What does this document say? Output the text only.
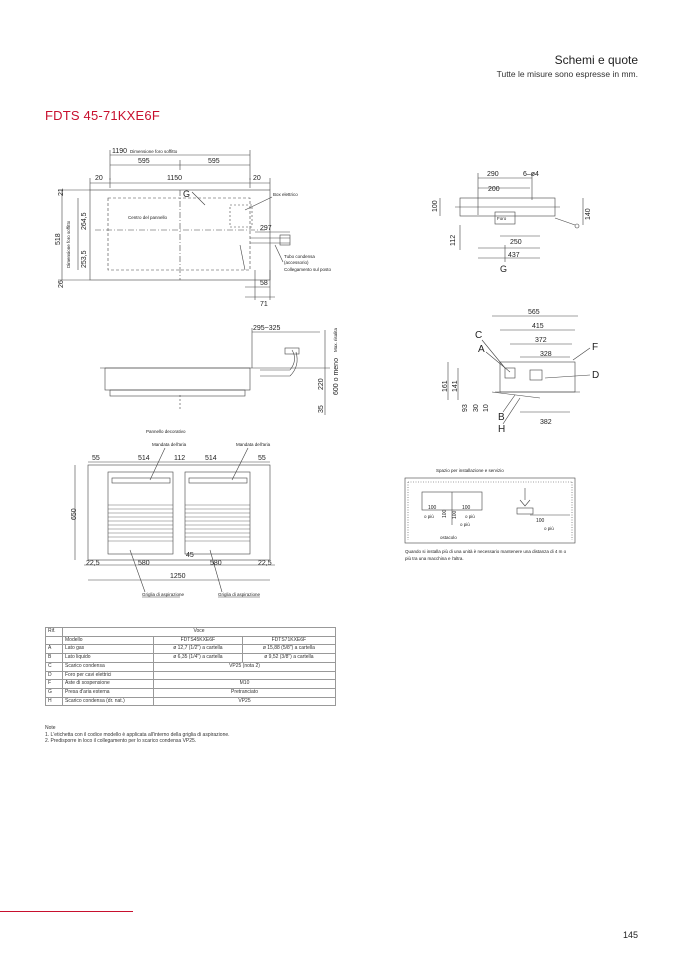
Schemi e quote
Tutte le misure sono espresse in mm.
FDTS 45-71KXE6F
1190 Dimensione foro soffitto
595	595
20	1150	20
G	Box elettrico
Centro del pannello
21
518 Dimensione foro soffitto 264,5
253,5
26
297
Tubo condensa
(accessorio)
Collegamento sul posto
58
71
290	6–ø4
200
Foro
100
140
112	250
437
G
295~325	Max. risalita
220 600 o meno
35
565
415
372
328
C
A	F
D
B
H
161 141
93 30 10
382
Pannello decorativo
Mandata dell'aria	Mandata dell'aria
55	514	112	514	55
650
45
22,5	580	580	22,5
1250
Griglia di aspirazione	Griglia di aspirazione
Spazio per installazione e servizio
100
o più 100
100
o più
100
o più
ostacolo
100
o più
Quando si installa più di una unità è necessario mantenere una distanza di 4 m o
più tra una macchina e l'altra.
Rif.	Voce		
	Modello	FDTS45KXE6F	FDTS71KXE6F
A	Lato gas	ø 12,7 (1/2") a cartella	ø 15,88 (5/8") a cartella
B	Lato liquido	ø 6,35 (1/4") a cartella	ø 9,52 (3/8") a cartella
C	Scarico condensa	VP25 (nota 2)	
D	Foro per cavi elettrici		
F	Aste di sospensione	M10	
G	Presa d'aria esterna	Pretranciato	
H	Scarico condensa (dr. nat.)	VP25	
Note
1. L'etichetta con il codice modello è applicata all'interno della griglia di aspirazione.
2. Predisporre in loco il collegamento per lo scarico condensa VP25.
145
